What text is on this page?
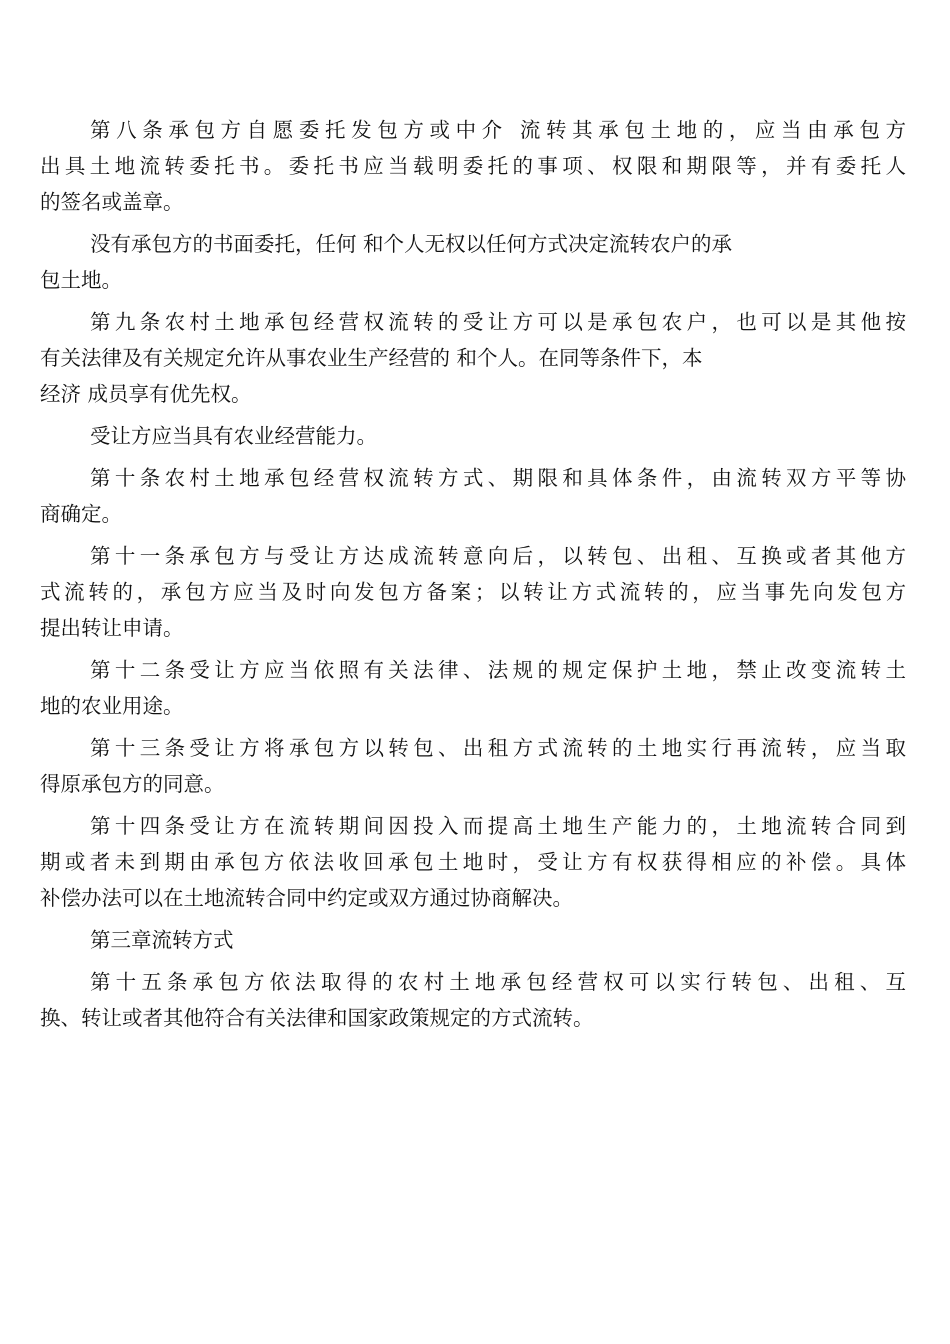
第八条承包方自愿委托发包方或中介 流转其承包土地的，应当由承包方
出具土地流转委托书。委托书应当载明委托的事项、权限和期限等，并有委托人
的签名或盖章。
没有承包方的书面委托，任何 和个人无权以任何方式决定流转农户的承
包土地。
第九条农村土地承包经营权流转的受让方可以是承包农户，也可以是其他按
有关法律及有关规定允许从事农业生产经营的 和个人。在同等条件下，本
经济 成员享有优先权。
受让方应当具有农业经营能力。
第十条农村土地承包经营权流转方式、期限和具体条件，由流转双方平等协
商确定。
第十一条承包方与受让方达成流转意向后，以转包、出租、互换或者其他方
式流转的，承包方应当及时向发包方备案；以转让方式流转的，应当事先向发包方
提出转让申请。
第十二条受让方应当依照有关法律、法规的规定保护土地，禁止改变流转土
地的农业用途。
第十三条受让方将承包方以转包、出租方式流转的土地实行再流转，应当取
得原承包方的同意。
第十四条受让方在流转期间因投入而提高土地生产能力的，土地流转合同到
期或者未到期由承包方依法收回承包土地时，受让方有权获得相应的补偿。具体
补偿办法可以在土地流转合同中约定或双方通过协商解决。
第三章流转方式
第十五条承包方依法取得的农村土地承包经营权可以实行转包、出租、互
换、转让或者其他符合有关法律和国家政策规定的方式流转。
